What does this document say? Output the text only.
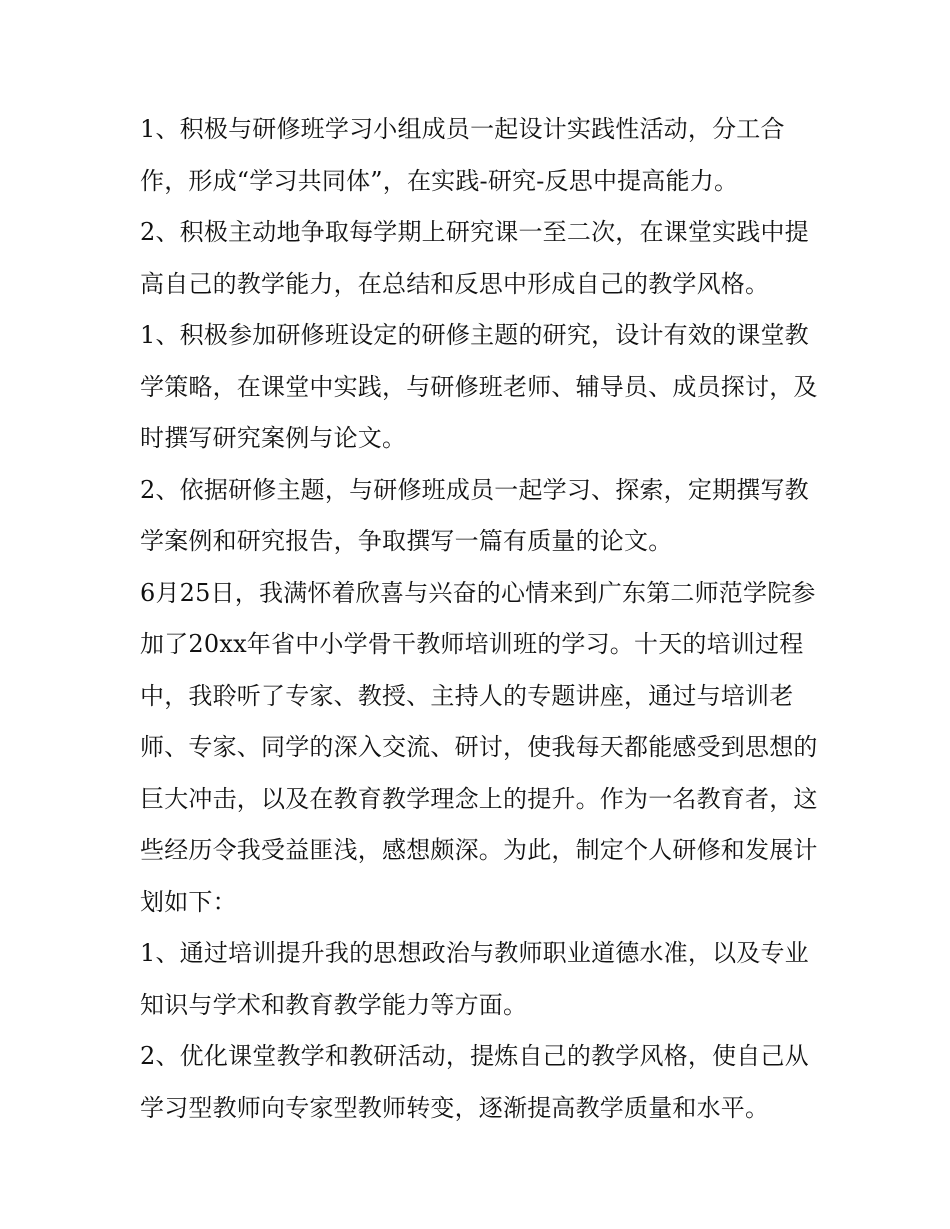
1、积极与研修班学习小组成员一起设计实践性活动，分工合作，形成“学习共同体”，在实践-研究-反思中提高能力。

2、积极主动地争取每学期上研究课一至二次，在课堂实践中提高自己的教学能力，在总结和反思中形成自己的教学风格。

1、积极参加研修班设定的研修主题的研究，设计有效的课堂教学策略，在课堂中实践，与研修班老师、辅导员、成员探讨，及时撰写研究案例与论文。

2、依据研修主题，与研修班成员一起学习、探索，定期撰写教学案例和研究报告，争取撰写一篇有质量的论文。

6月25日，我满怀着欣喜与兴奋的心情来到广东第二师范学院参加了20xx年省中小学骨干教师培训班的学习。十天的培训过程中，我聆听了专家、教授、主持人的专题讲座，通过与培训老师、专家、同学的深入交流、研讨，使我每天都能感受到思想的巨大冲击，以及在教育教学理念上的提升。作为一名教育者，这些经历令我受益匪浅，感想颇深。为此，制定个人研修和发展计划如下：

1、通过培训提升我的思想政治与教师职业道德水准，以及专业知识与学术和教育教学能力等方面。

2、优化课堂教学和教研活动，提炼自己的教学风格，使自己从学习型教师向专家型教师转变，逐渐提高教学质量和水平。
